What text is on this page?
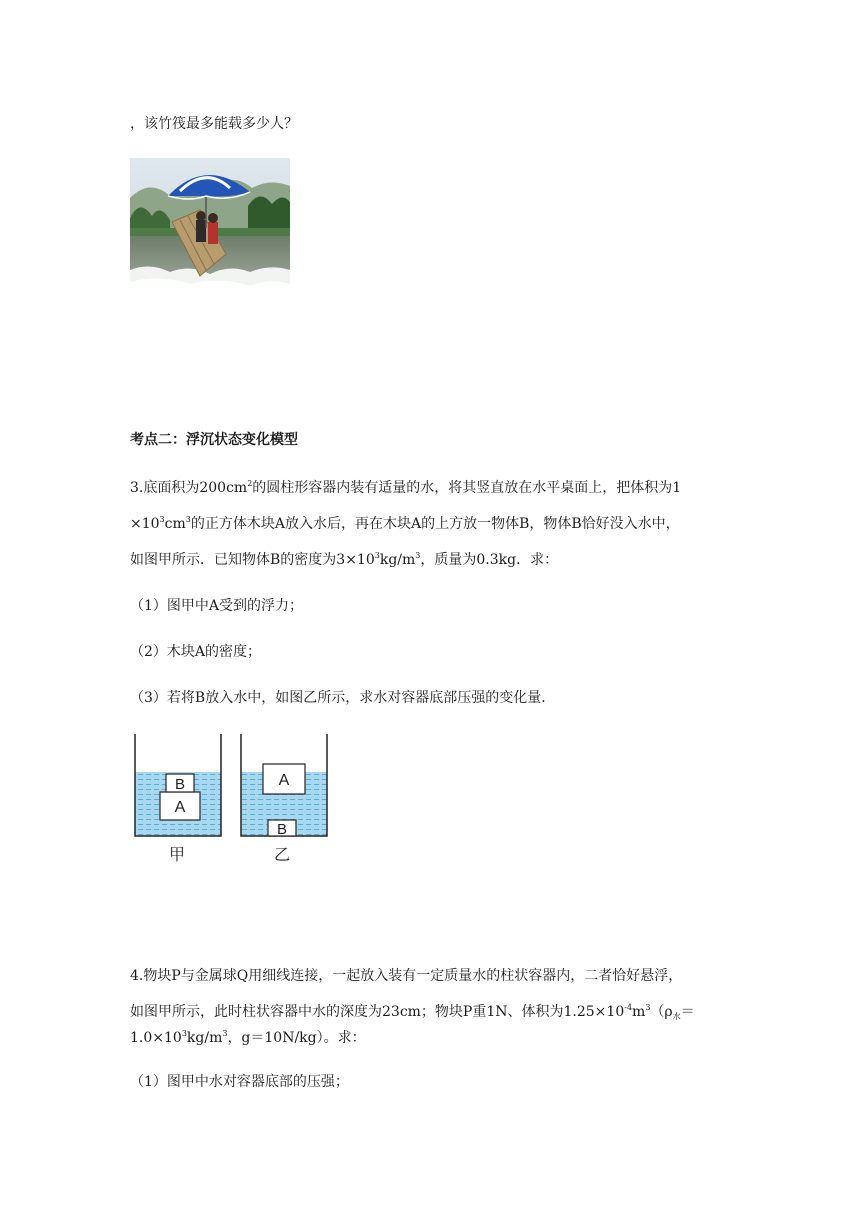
，该竹筏最多能载多少人？
考点二：浮沉状态变化模型
3.底面积为$200cm^2$的圆柱形容器内装有适量的水，将其竖直放在水平桌面上，把体积为1
$\times 10^3cm^3$的正方体木块A放入水后，再在木块A的上方放一物体B，物体B恰好没入水中，
如图甲所示．已知物体B的密度为$3\times 10^3kg/m^3$，质量为0.3kg．求：
（1）图甲中A受到的浮力；
（2）木块A的密度；
（3）若将B放入水中，如图乙所示，求水对容器底部压强的变化量．
A
B	A
B
甲	乙
4.物块P与金属球Q用细线连接，一起放入装有一定质量水的柱状容器内，二者恰好悬浮，
如图甲所示，此时柱状容器中水的深度为23cm；物块P重1N、体积为$1.25\times 10^{-4}m^3(\rho_水=$
$1.0\times 10^3kg/m^3$，g＝10N/kg）。求：
（1）图甲中水对容器底部的压强；
